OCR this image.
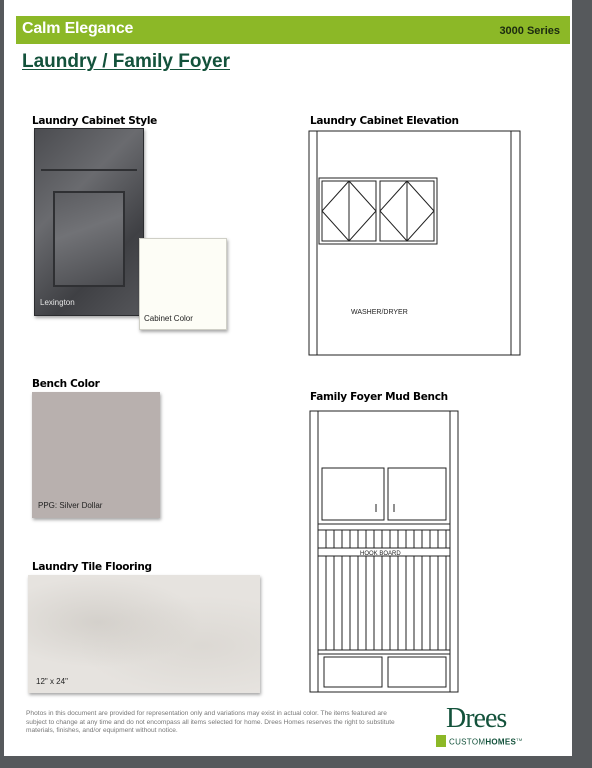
Calm Elegance	3000 Series
Laundry / Family Foyer
Laundry Cabinet Style
Lexington
Cabinet Color
Laundry Cabinet Elevation
WASHER/DRYER
Bench Color
PPG: Silver Dollar
Family Foyer Mud Bench
HOOK BOARD
Laundry Tile Flooring
12" x 24"
Photos in this document are provided for representation only and variations may exist in actual color. The items featured are subject to change at any time and do not encompass all items selected for home. Drees Homes reserves the right to substitute materials, finishes, and/or equipment without notice.	Drees
CUSTOMHOMES™
